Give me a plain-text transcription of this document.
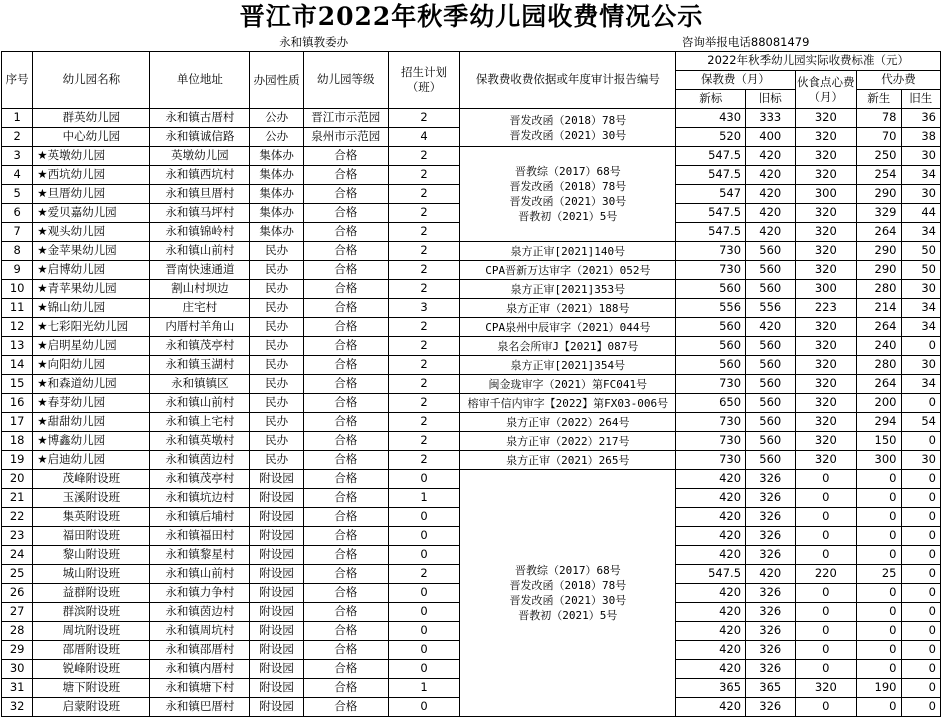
晋江市2022年秋季幼儿园收费情况公示
永和镇教委办							咨询举报电话88081479				
序号	幼儿园名称	单位地址	办园性质	幼儿园等级	招生计划（班）	保教费收费依据或年度审计报告编号	2022年秋季幼儿园实际收费标准（元）				
							保教费（月）		伙食点心费（月）	代办费	
							新标	旧标		新生	旧生
1	群英幼儿园	永和镇古厝村	公办	晋江市示范园	2	晋发改函（2018）78号
晋发改函（2021）30号	430	333	320	78	36
2	中心幼儿园	永和镇诚信路	公办	泉州市示范园	4		520	400	320	70	38
3	★英墩幼儿园	英墩幼儿园	集体办	合格	2	晋教综（2017）68号
晋发改函（2018）78号
晋发改函（2021）30号
晋教初（2021）5号	547.5	420	320	250	30
4	★西坑幼儿园	永和镇西坑村	集体办	合格	2		547.5	420	320	254	34
5	★旦厝幼儿园	永和镇旦厝村	集体办	合格	2		547	420	300	290	30
6	★爱贝嘉幼儿园	永和镇马坪村	集体办	合格	2		547.5	420	320	329	44
7	★观头幼儿园	永和镇锦岭村	集体办	合格	2		547.5	420	320	264	34
8	★金苹果幼儿园	永和镇山前村	民办	合格	2	泉方正审[2021]140号	730	560	320	290	50
9	★启博幼儿园	晋南快速通道	民办	合格	2	CPA晋新万达审字（2021）052号	730	560	320	290	50
10	★青苹果幼儿园	割山村坝边	民办	合格	2	泉方正审[2021]353号	560	560	300	280	30
11	★锦山幼儿园	庄宅村	民办	合格	3	泉方正审（2021）188号	556	556	223	214	34
12	★七彩阳光幼儿园	内厝村羊角山	民办	合格	2	CPA泉州中辰审字（2021）044号	560	420	320	264	34
13	★启明星幼儿园	永和镇茂亭村	民办	合格	2	泉名会所审J【2021】087号	560	560	320	240	0
14	★向阳幼儿园	永和镇玉湖村	民办	合格	2	泉方正审[2021]354号	560	560	320	280	30
15	★和森道幼儿园	永和镇镇区	民办	合格	2	闽金珑审字（2021）第FC041号	730	560	320	264	34
16	★春芽幼儿园	永和镇山前村	民办	合格	2	榕审千信内审字【2022】第FX03-006号	650	560	320	200	0
17	★甜甜幼儿园	永和镇上宅村	民办	合格	2	泉方正审（2022）264号	730	560	320	294	54
18	★博鑫幼儿园	永和镇英墩村	民办	合格	2	泉方正审（2022）217号	730	560	320	150	0
19	★启迪幼儿园	永和镇茵边村	民办	合格	2	泉方正审（2021）265号	730	560	320	300	30
20	茂峰附设班	永和镇茂亭村	附设园	合格	0	晋教综（2017）68号
晋发改函（2018）78号
晋发改函（2021）30号
晋教初（2021）5号	420	326	0	0	0
21	玉溪附设班	永和镇坑边村	附设园	合格	1		420	326	0	0	0
22	集英附设班	永和镇后埔村	附设园	合格	0		420	326	0	0	0
23	福田附设班	永和镇福田村	附设园	合格	0		420	326	0	0	0
24	黎山附设班	永和镇黎星村	附设园	合格	0		420	326	0	0	0
25	城山附设班	永和镇山前村	附设园	合格	2		547.5	420	220	25	0
26	益群附设班	永和镇力争村	附设园	合格	0		420	326	0	0	0
27	群滨附设班	永和镇茵边村	附设园	合格	0		420	326	0	0	0
28	周坑附设班	永和镇周坑村	附设园	合格	0		420	326	0	0	0
29	邵厝附设班	永和镇邵厝村	附设园	合格	0		420	326	0	0	0
30	锐峰附设班	永和镇内厝村	附设园	合格	0		420	326	0	0	0
31	塘下附设班	永和镇塘下村	附设园	合格	1		365	365	320	190	0
32	启蒙附设班	永和镇巴厝村	附设园	合格	0		420	326	0	0	0
